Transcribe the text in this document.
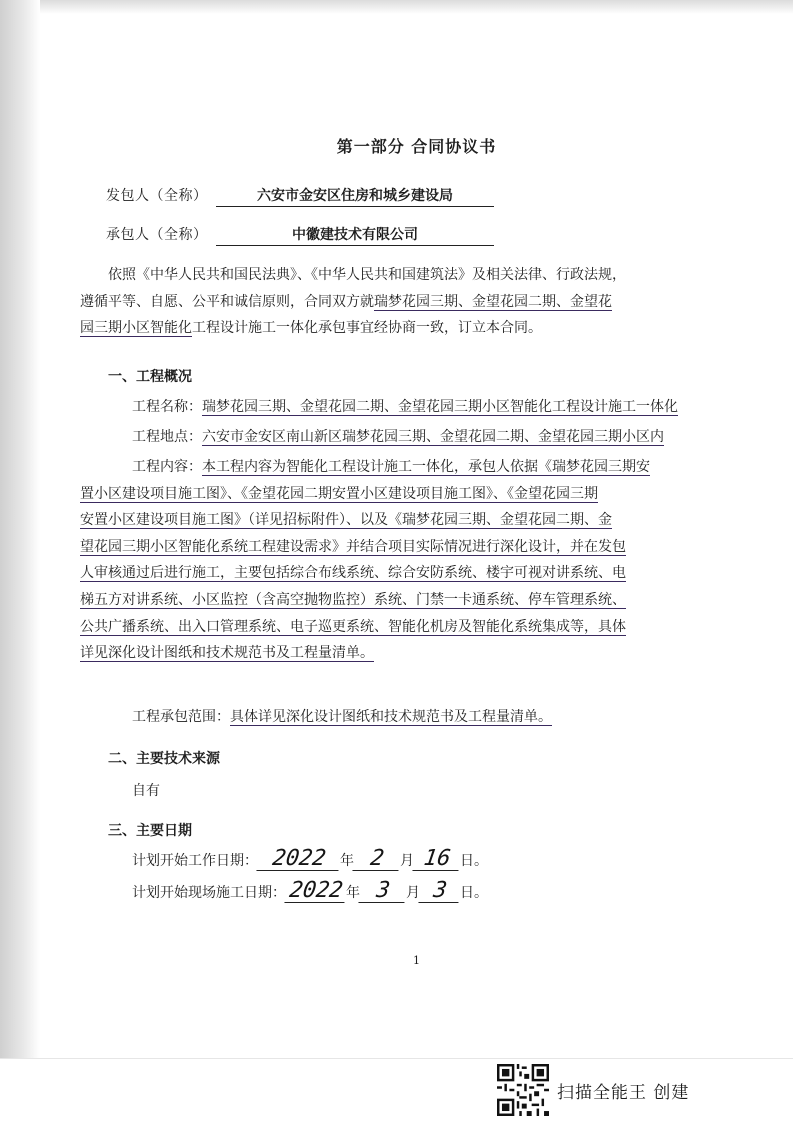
第一部分 合同协议书
发包人（全称）	六安市金安区住房和城乡建设局
承包人（全称）	中徽建技术有限公司
依照《中华人民共和国民法典》、《中华人民共和国建筑法》及相关法律、行政法规，
遵循平等、自愿、公平和诚信原则，合同双方就瑞梦花园三期、金望花园二期、金望花
园三期小区智能化工程设计施工一体化承包事宜经协商一致，订立本合同。
一、工程概况
工程名称：瑞梦花园三期、金望花园二期、金望花园三期小区智能化工程设计施工一体化
工程地点：六安市金安区南山新区瑞梦花园三期、金望花园二期、金望花园三期小区内
工程内容：本工程内容为智能化工程设计施工一体化，承包人依据《瑞梦花园三期安
置小区建设项目施工图》、《金望花园二期安置小区建设项目施工图》、《金望花园三期
安置小区建设项目施工图》（详见招标附件）、以及《瑞梦花园三期、金望花园二期、金
望花园三期小区智能化系统工程建设需求》并结合项目实际情况进行深化设计，并在发包
人审核通过后进行施工，主要包括综合布线系统、综合安防系统、楼宇可视对讲系统、电
梯五方对讲系统、小区监控（含高空抛物监控）系统、门禁一卡通系统、停车管理系统、
公共广播系统、出入口管理系统、电子巡更系统、智能化机房及智能化系统集成等，具体
详见深化设计图纸和技术规范书及工程量清单。
工程承包范围：具体详见深化设计图纸和技术规范书及工程量清单。
二、主要技术来源
自有
三、主要日期
计划开始工作日期： 2022 年 2 月 16 日。
计划开始现场施工日期：2022 年 3 月 3 日。
1
扫描全能王 创建
